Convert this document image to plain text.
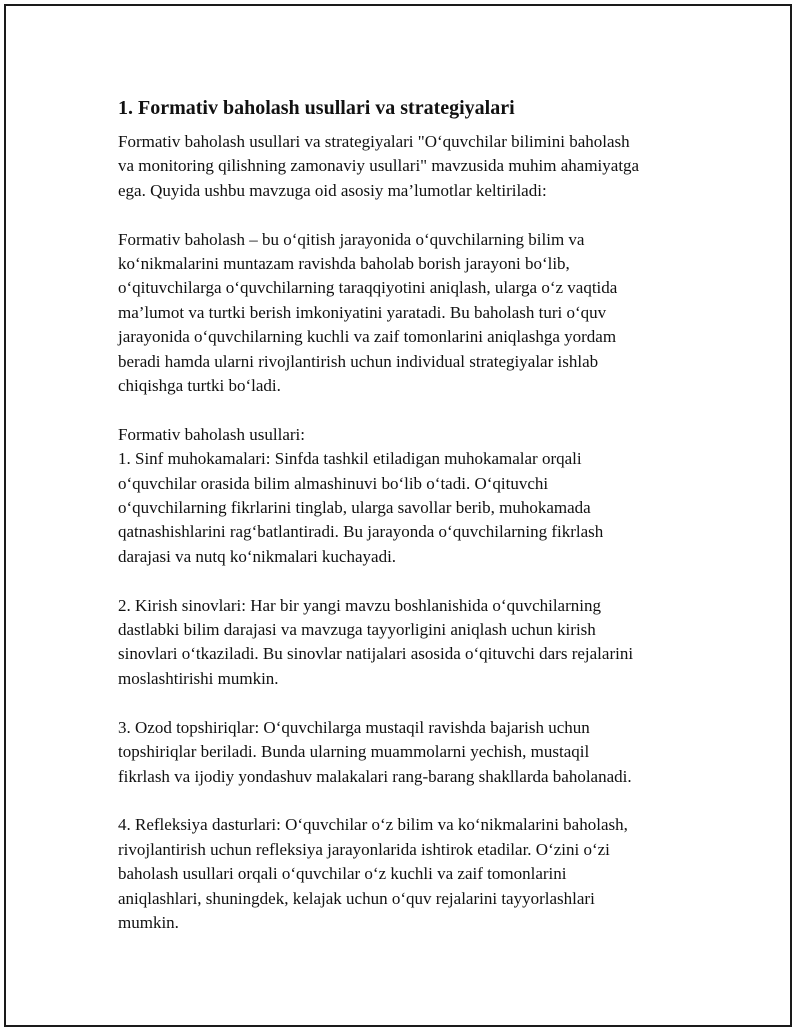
1. Formativ baholash usullari va strategiyalari

Formativ baholash usullari va strategiyalari "O‘quvchilar bilimini baholash
va monitoring qilishning zamonaviy usullari" mavzusida muhim ahamiyatga
ega. Quyida ushbu mavzuga oid asosiy ma’lumotlar keltiriladi:

Formativ baholash – bu o‘qitish jarayonida o‘quvchilarning bilim va
ko‘nikmalarini muntazam ravishda baholab borish jarayoni bo‘lib,
o‘qituvchilarga o‘quvchilarning taraqqiyotini aniqlash, ularga o‘z vaqtida
ma’lumot va turtki berish imkoniyatini yaratadi. Bu baholash turi o‘quv
jarayonida o‘quvchilarning kuchli va zaif tomonlarini aniqlashga yordam
beradi hamda ularni rivojlantirish uchun individual strategiyalar ishlab
chiqishga turtki bo‘ladi.

Formativ baholash usullari:
1. Sinf muhokamalari: Sinfda tashkil etiladigan muhokamalar orqali
o‘quvchilar orasida bilim almashinuvi bo‘lib o‘tadi. O‘qituvchi
o‘quvchilarning fikrlarini tinglab, ularga savollar berib, muhokamada
qatnashishlarini rag‘batlantiradi. Bu jarayonda o‘quvchilarning fikrlash
darajasi va nutq ko‘nikmalari kuchayadi.

2. Kirish sinovlari: Har bir yangi mavzu boshlanishida o‘quvchilarning
dastlabki bilim darajasi va mavzuga tayyorligini aniqlash uchun kirish
sinovlari o‘tkaziladi. Bu sinovlar natijalari asosida o‘qituvchi dars rejalarini
moslashtirishi mumkin.

3. Ozod topshiriqlar: O‘quvchilarga mustaqil ravishda bajarish uchun
topshiriqlar beriladi. Bunda ularning muammolarni yechish, mustaqil
fikrlash va ijodiy yondashuv malakalari rang-barang shakllarda baholanadi.

4. Refleksiya dasturlari: O‘quvchilar o‘z bilim va ko‘nikmalarini baholash,
rivojlantirish uchun refleksiya jarayonlarida ishtirok etadilar. O‘zini o‘zi
baholash usullari orqali o‘quvchilar o‘z kuchli va zaif tomonlarini
aniqlashlari, shuningdek, kelajak uchun o‘quv rejalarini tayyorlashlari
mumkin.
